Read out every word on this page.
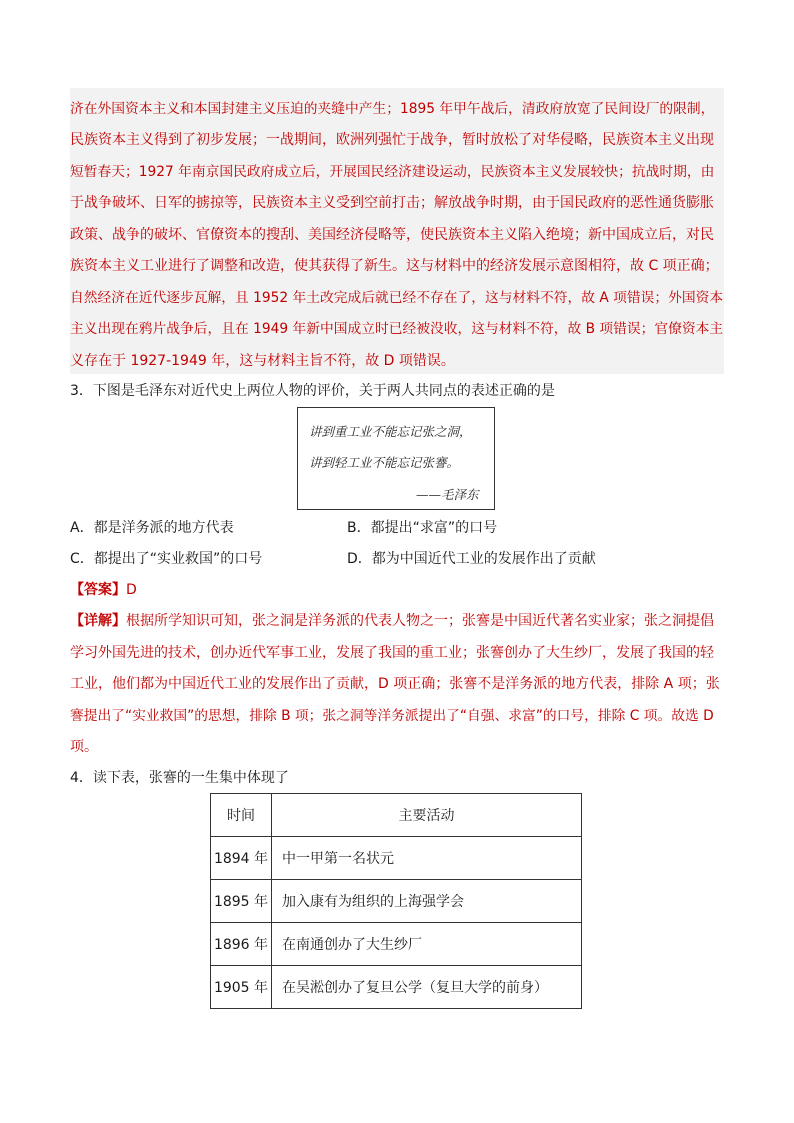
济在外国资本主义和本国封建主义压迫的夹缝中产生；1895 年甲午战后，清政府放宽了民间设厂的限制，
民族资本主义得到了初步发展；一战期间，欧洲列强忙于战争，暂时放松了对华侵略，民族资本主义出现
短暂春天；1927 年南京国民政府成立后，开展国民经济建设运动，民族资本主义发展较快；抗战时期，由
于战争破坏、日军的掳掠等，民族资本主义受到空前打击；解放战争时期，由于国民政府的恶性通货膨胀
政策、战争的破坏、官僚资本的搜刮、美国经济侵略等，使民族资本主义陷入绝境；新中国成立后，对民
族资本主义工业进行了调整和改造，使其获得了新生。这与材料中的经济发展示意图相符，故 C 项正确；
自然经济在近代逐步瓦解，且 1952 年土改完成后就已经不存在了，这与材料不符，故 A 项错误；外国资本
主义出现在鸦片战争后，且在 1949 年新中国成立时已经被没收，这与材料不符，故 B 项错误；官僚资本主
义存在于 1927-1949 年，这与材料主旨不符，故 D 项错误。
3．下图是毛泽东对近代史上两位人物的评价，关于两人共同点的表述正确的是
讲到重工业不能忘记张之洞，
讲到轻工业不能忘记张謇。
——毛泽东
A．都是洋务派的地方代表	B．都提出“求富”的口号
C．都提出了“实业救国”的口号	D．都为中国近代工业的发展作出了贡献
【答案】D
【详解】根据所学知识可知，张之洞是洋务派的代表人物之一；张謇是中国近代著名实业家；张之洞提倡
学习外国先进的技术，创办近代军事工业，发展了我国的重工业；张謇创办了大生纱厂，发展了我国的轻
工业，他们都为中国近代工业的发展作出了贡献，D 项正确；张謇不是洋务派的地方代表，排除 A 项；张
謇提出了“实业救国”的思想，排除 B 项；张之洞等洋务派提出了“自强、求富”的口号，排除 C 项。故选 D
项。
4．读下表，张謇的一生集中体现了
时间	主要活动
1894 年	中一甲第一名状元
1895 年	加入康有为组织的上海强学会
1896 年	在南通创办了大生纱厂
1905 年	在吴淞创办了复旦公学（复旦大学的前身）
